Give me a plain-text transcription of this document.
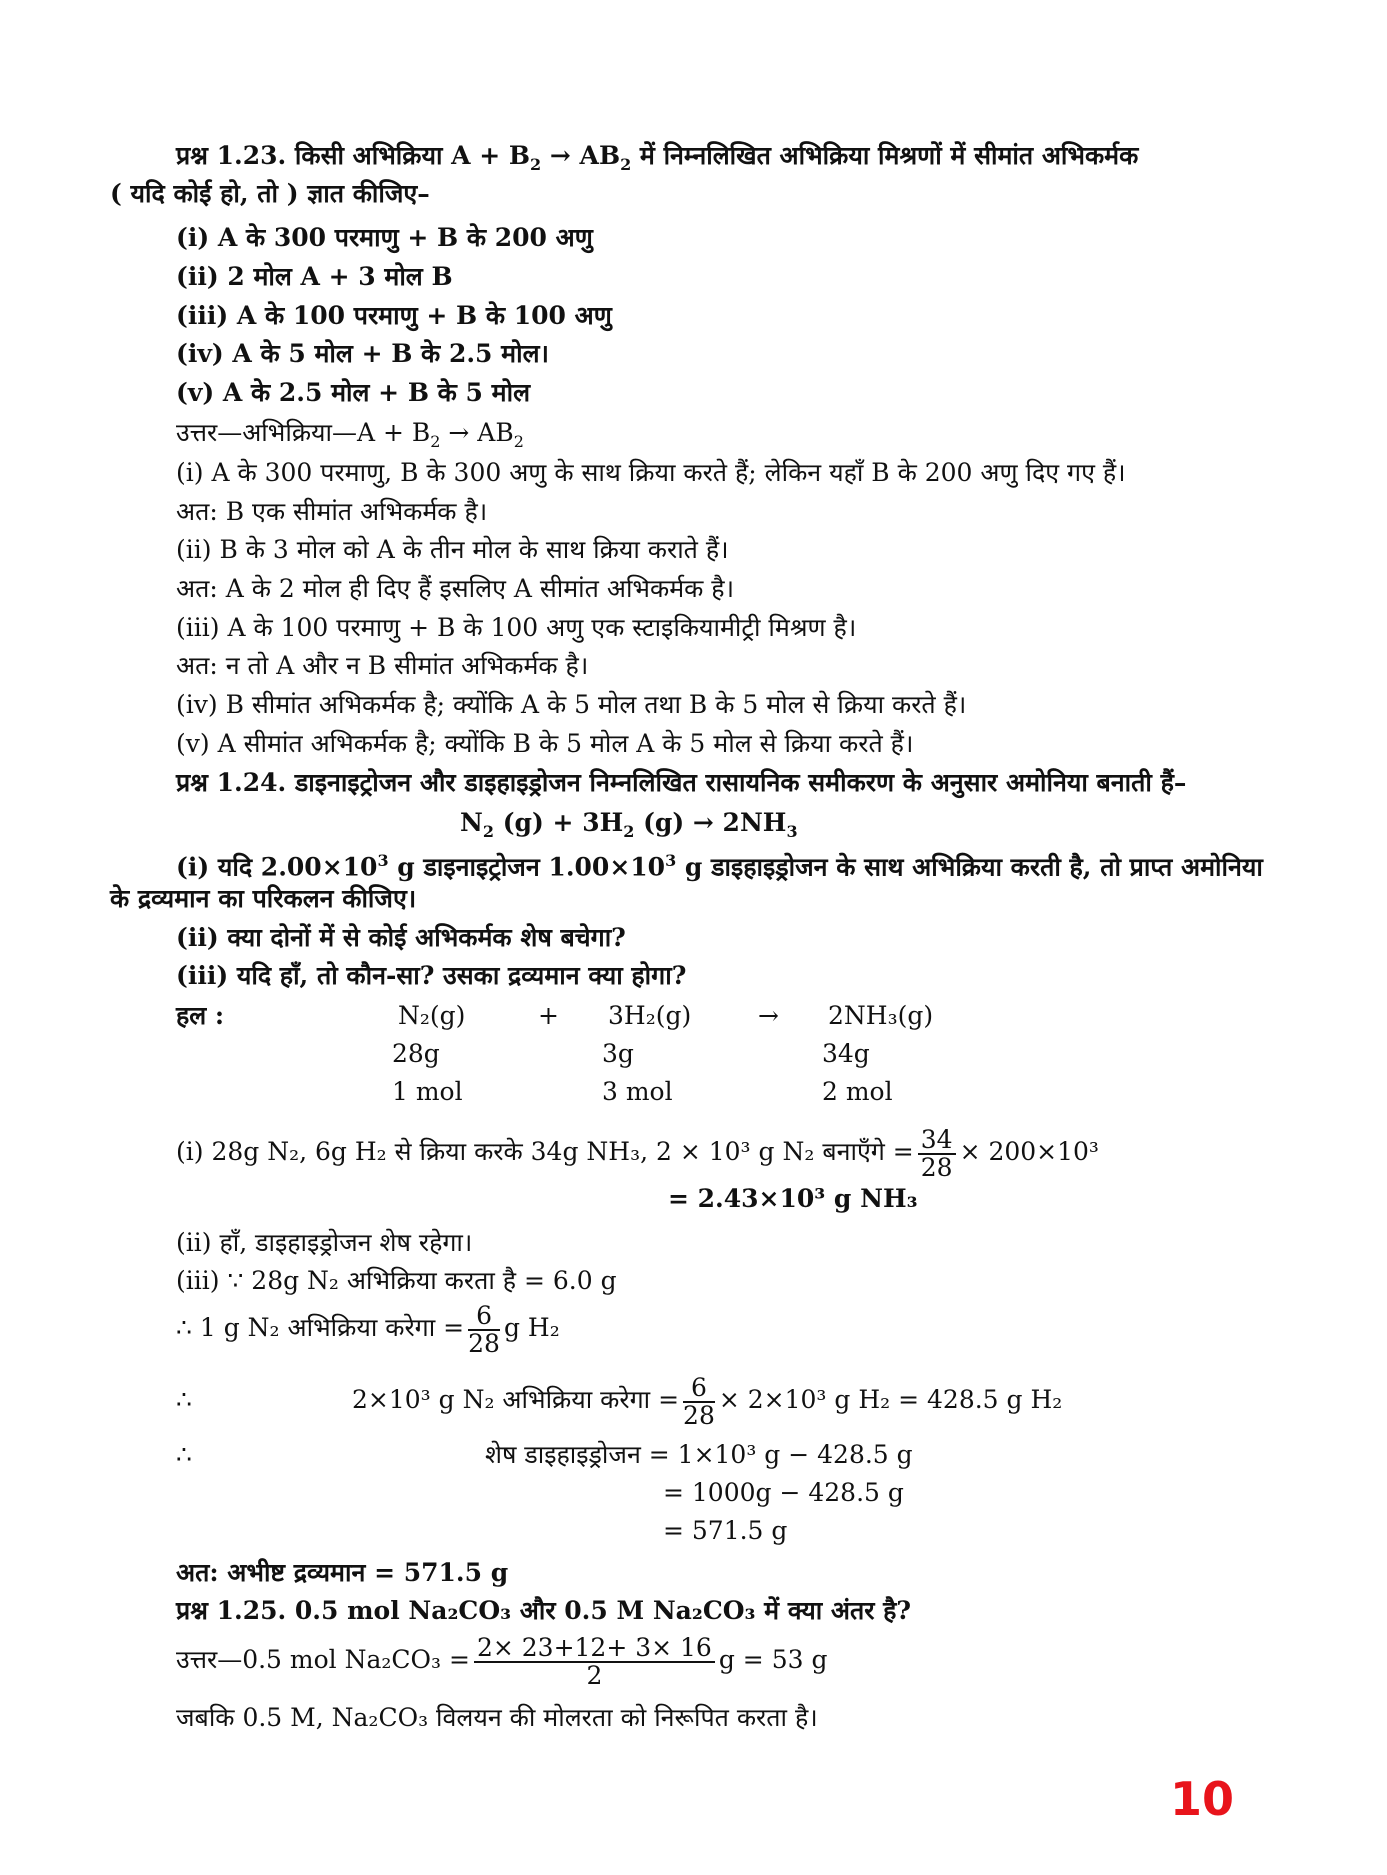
प्रश्न 1.23. किसी अभिक्रिया $A + B_2 \to AB_2$ में निम्नलिखित अभिक्रिया मिश्रणों में सीमांत अभिकर्मक
( यदि कोई हो, तो ) ज्ञात कीजिए–
(i) A के 300 परमाणु + B के 200 अणु
(ii) 2 मोल A + 3 मोल B
(iii) A के 100 परमाणु + B के 100 अणु
(iv) A के 5 मोल + B के 2.5 मोल।
(v) A के 2.5 मोल + B के 5 मोल
उत्तर—अभिक्रिया—A + $B_2 \to AB_2$
(i) A के 300 परमाणु, B के 300 अणु के साथ क्रिया करते हैं; लेकिन यहाँ B के 200 अणु दिए गए हैं।
अत: B एक सीमांत अभिकर्मक है।
(ii) B के 3 मोल को A के तीन मोल के साथ क्रिया कराते हैं।
अत: A के 2 मोल ही दिए हैं इसलिए A सीमांत अभिकर्मक है।
(iii) A के 100 परमाणु + B के 100 अणु एक स्टाइकियामीट्री मिश्रण है।
अत: न तो A और न B सीमांत अभिकर्मक है।
(iv) B सीमांत अभिकर्मक है; क्योंकि A के 5 मोल तथा B के 5 मोल से क्रिया करते हैं।
(v) A सीमांत अभिकर्मक है; क्योंकि B के 5 मोल A के 5 मोल से क्रिया करते हैं।
प्रश्न 1.24. डाइनाइट्रोजन और डाइहाइड्रोजन निम्नलिखित रासायनिक समीकरण के अनुसार अमोनिया बनाती हैं–
$N_2$ $(g) + 3H_2$ $(g) \to 2NH_3$
(i) यदि $2.00\times 10^3$ g डाइनाइट्रोजन $1.00\times 10^3$ g डाइहाइड्रोजन के साथ अभिक्रिया करती है, तो प्राप्त अमोनिया
के द्रव्यमान का परिकलन कीजिए।
(ii) क्या दोनों में से कोई अभिकर्मक शेष बचेगा?
(iii) यदि हाँ, तो कौन-सा? उसका द्रव्यमान क्या होगा?
हल :	N₂(g)	+ 3H₂(g)	→ 2NH₃(g)
28g	3g	34g
1 mol	3 mol	2 mol
(i) 28g N₂, 6g H₂ से क्रिया करके 34g NH₃, 2 × 10³ g N₂ बनाएँगे = $\frac{34}{28} \times 200\times 10^3$
= 2.43×10³ g NH₃
(ii) हाँ, डाइहाइड्रोजन शेष रहेगा।
(iii) ∵ 28g N₂ अभिक्रिया करता है = 6.0 g
∴ 1 g N₂ अभिक्रिया करेगा = $\frac{6}{28}$ g H₂
∴	2×10³ g N₂ अभिक्रिया करेगा = $\frac{6}{28} \times 2\times 10^3$ g H₂ = 428.5 g H₂
∴	शेष डाइहाइड्रोजन = 1×10³ g − 428.5 g
= 1000g − 428.5 g
= 571.5 g
अत: अभीष्ट द्रव्यमान = 571.5 g
प्रश्न 1.25. 0.5 mol Na₂CO₃ और 0.5 M Na₂CO₃ में क्या अंतर है?
उत्तर—0.5 mol $Na_2CO_3 = \frac{2\times 23+12+ 3\times 16}{2}$ g = 53 g
जबकि 0.5 M, Na₂CO₃ विलयन की मोलरता को निरूपित करता है।
10
